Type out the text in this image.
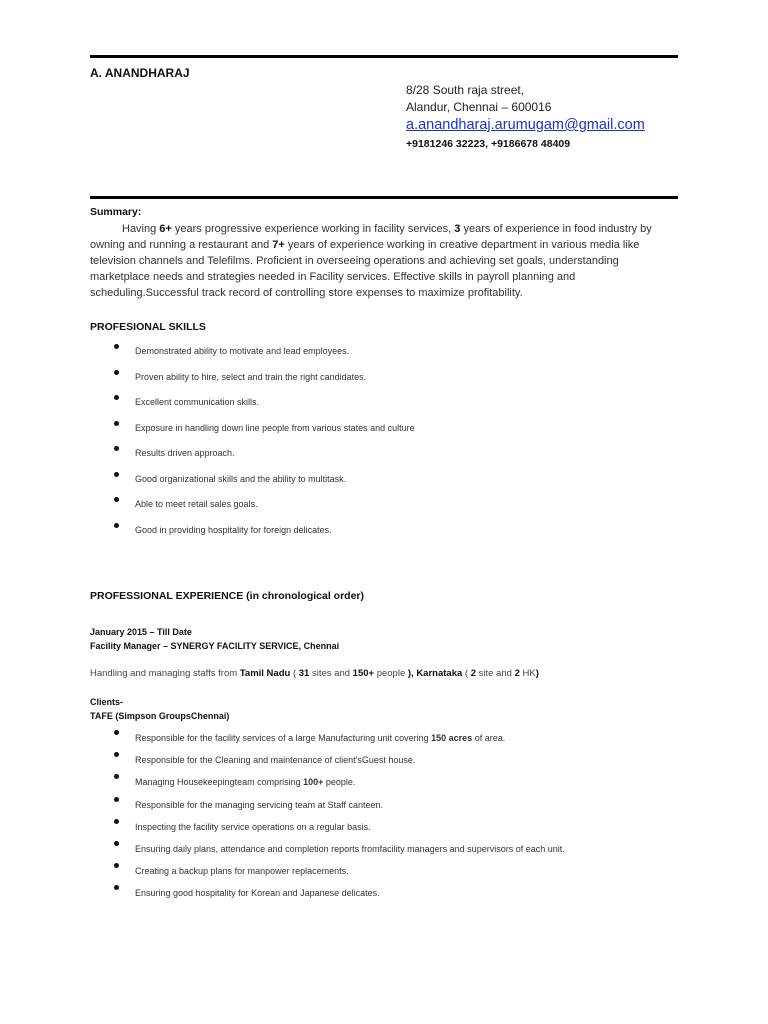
A. ANANDHARAJ
8/28 South raja street,
Alandur, Chennai – 600016
a.anandharaj.arumugam@gmail.com
+9181246 32223, +9186678 48409
Summary:
Having 6+ years progressive experience working in facility services, 3 years of experience in food industry by owning and running a restaurant and 7+ years of experience working in creative department in various media like television channels and Telefilms. Proficient in overseeing operations and achieving set goals, understanding marketplace needs and strategies needed in Facility services. Effective skills in payroll planning and scheduling.Successful track record of controlling store expenses to maximize profitability.
PROFESIONAL SKILLS
Demonstrated ability to motivate and lead employees.
Proven ability to hire, select and train the right candidates.
Excellent communication skills.
Exposure in handling down line people from various states and culture
Results driven approach.
Good organizational skills and the ability to multitask.
Able to meet retail sales goals.
Good in providing hospitality for foreign delicates.
PROFESSIONAL EXPERIENCE (in chronological order)
January 2015 – Till Date
Facility Manager – SYNERGY FACILITY SERVICE, Chennai
Handling and managing staffs from Tamil Nadu ( 31 sites and 150+ people ), Karnataka ( 2 site and 2 HK)
Clients-
TAFE (Simpson GroupsChennai)
Responsible for the facility services of a large Manufacturing unit covering 150 acres of area.
Responsible for the Cleaning and maintenance of client'sGuest house.
Managing Housekeepingteam comprising 100+ people.
Responsible for the managing servicing team at Staff canteen.
Inspecting the facility service operations on a regular basis.
Ensuring daily plans, attendance and completion reports fromfacility managers and supervisors of each unit.
Creating a backup plans for manpower replacements.
Ensuring good hospitality for Korean and Japanese delicates.
